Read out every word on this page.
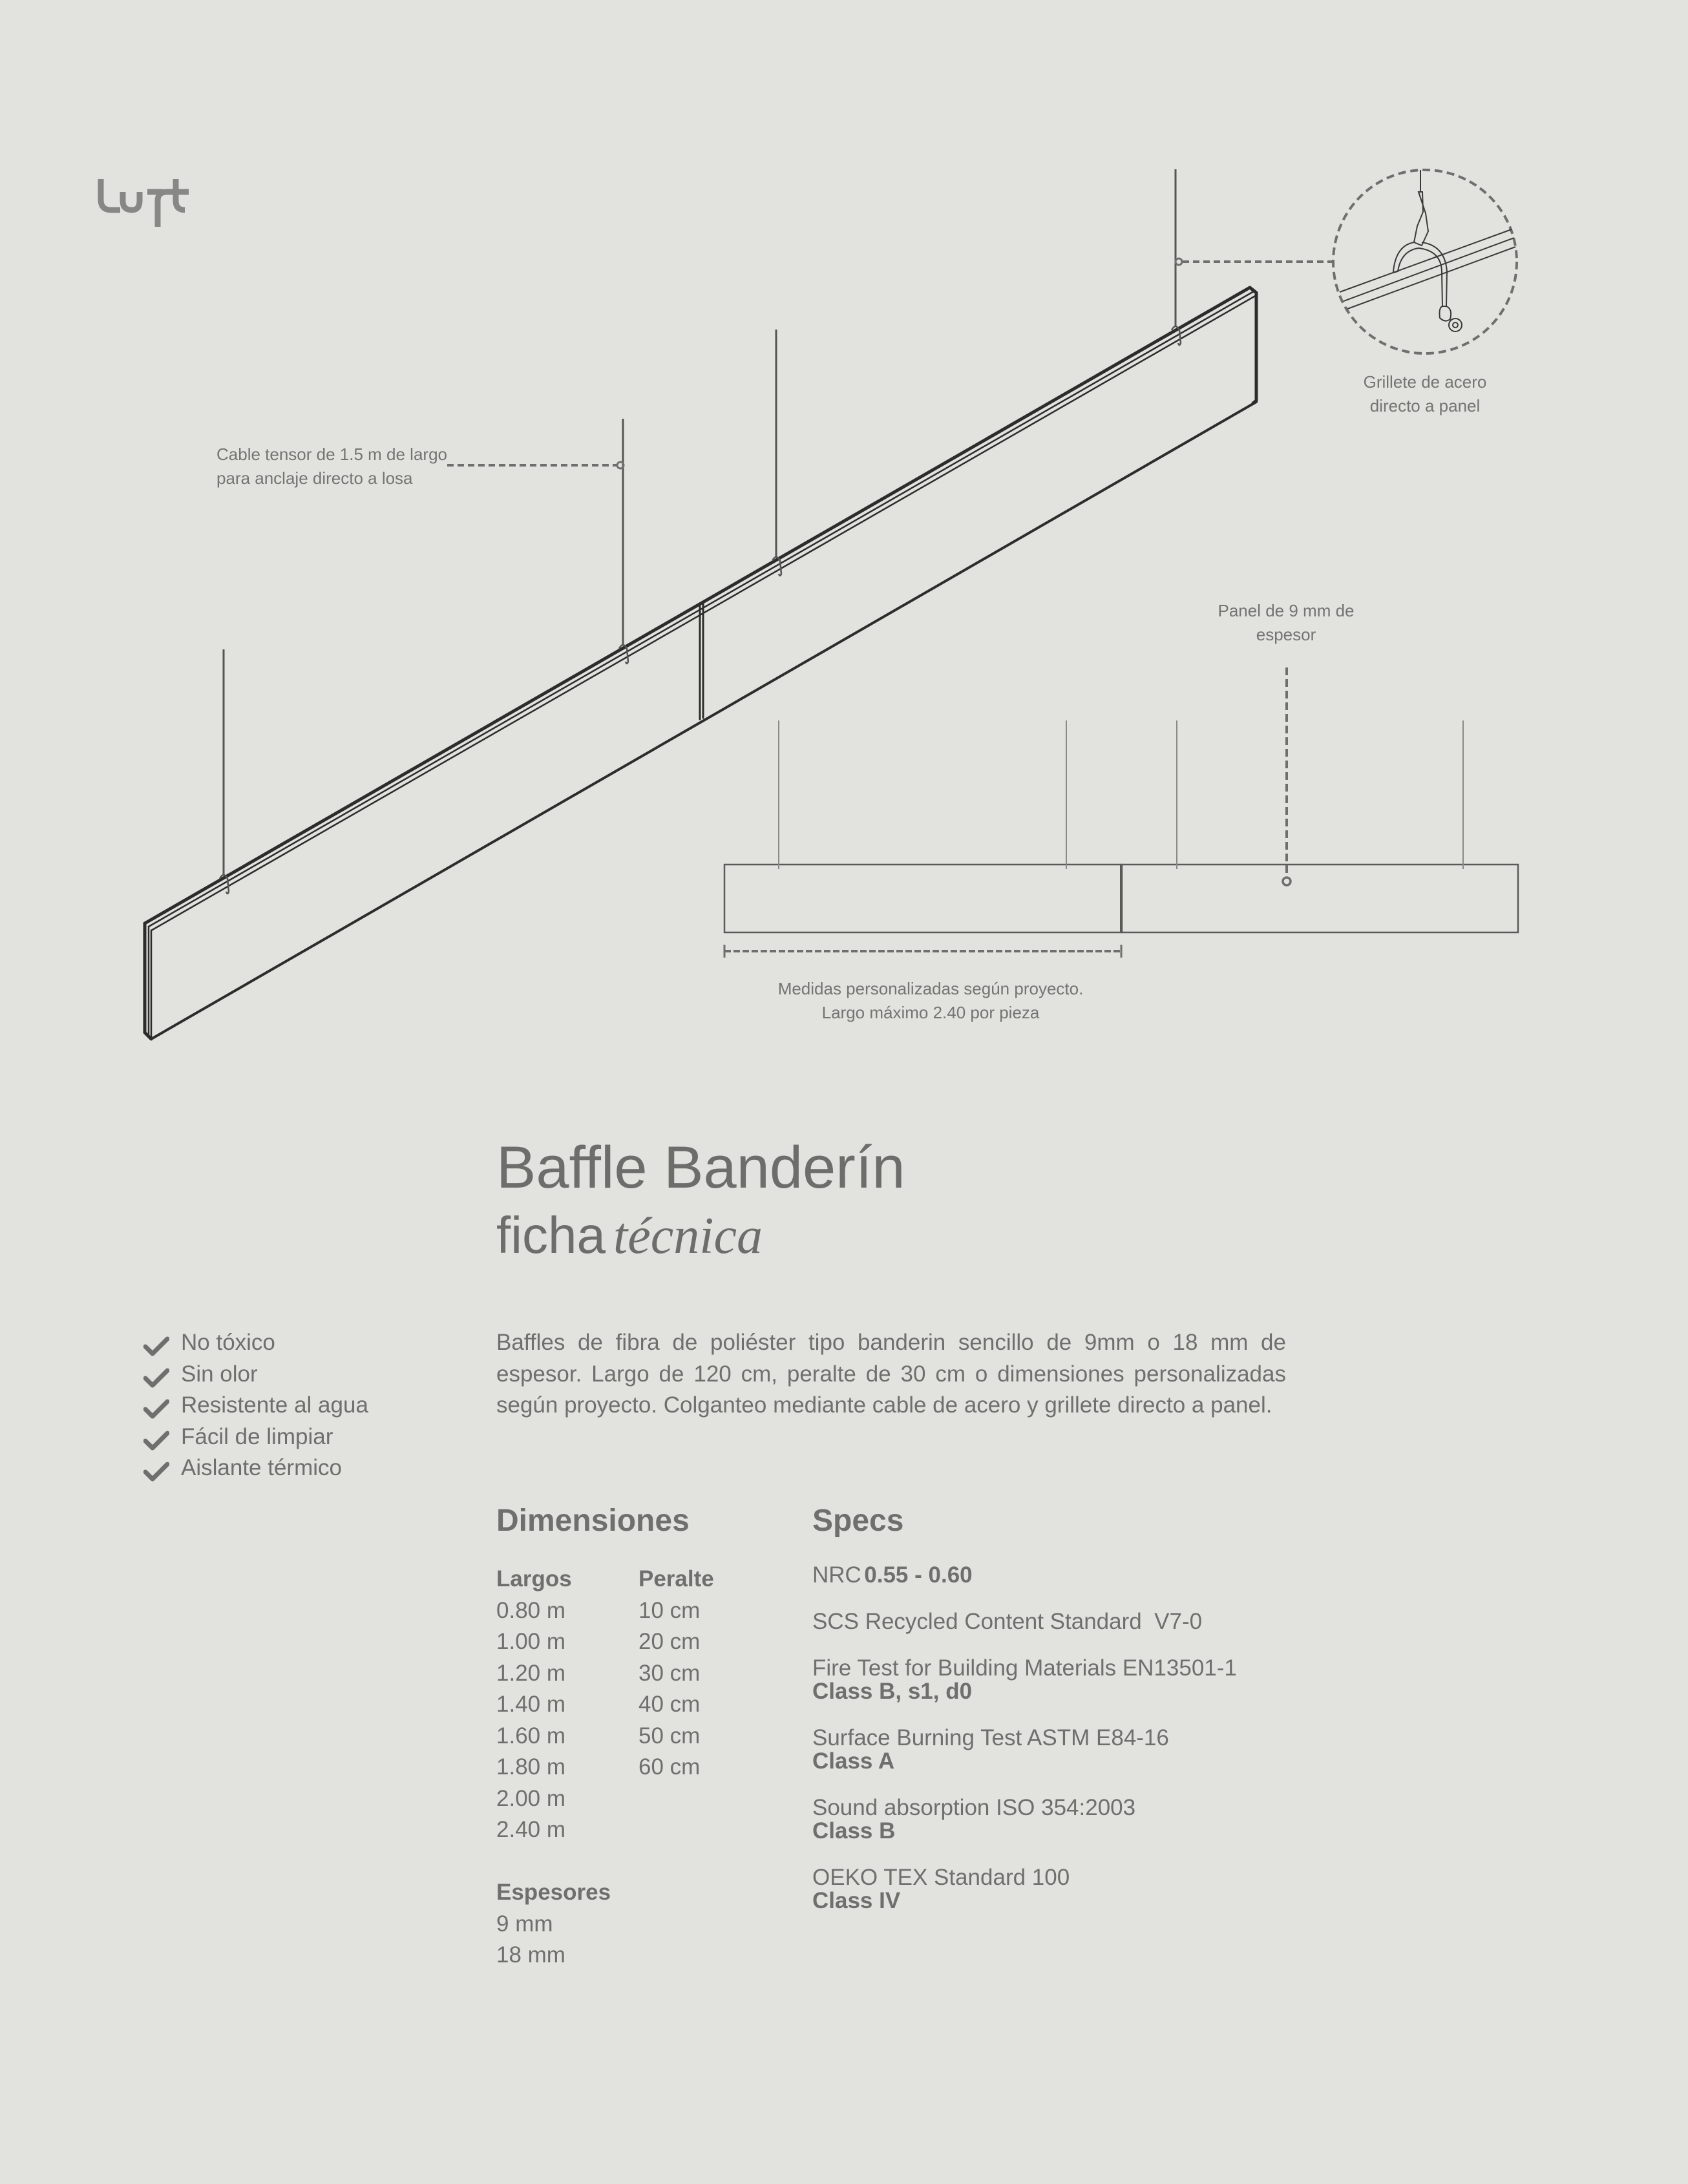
Cable tensor de 1.5 m de largo
para anclaje directo a losa
Grillete de acero
directo a panel
Panel de 9 mm de
espesor
Medidas personalizadas según proyecto.
Largo máximo 2.40 por pieza
Baffle Banderín
ficha técnica
No tóxico
Sin olor
Resistente al agua
Fácil de limpiar
Aislante térmico

Baffles de fibra de poliéster tipo banderin sencillo de 9mm o 18 mm de espesor. Largo de 120 cm, peralte de 30 cm o dimensiones personalizadas según proyecto. Colganteo mediante cable de acero y grillete directo a panel.

Dimensiones
Largos
0.80 m
1.00 m
1.20 m
1.40 m
1.60 m
1.80 m
2.00 m
2.40 m
Peralte
10 cm
20 cm
30 cm
40 cm
50 cm
60 cm
Espesores
9 mm
18 mm
Specs
NRC 0.55 - 0.60
SCS Recycled Content Standard  V7-0
Fire Test for Building Materials EN13501-1
Class B, s1, d0
Surface Burning Test ASTM E84-16
Class A
Sound absorption ISO 354:2003
Class B
OEKO TEX Standard 100
Class IV
